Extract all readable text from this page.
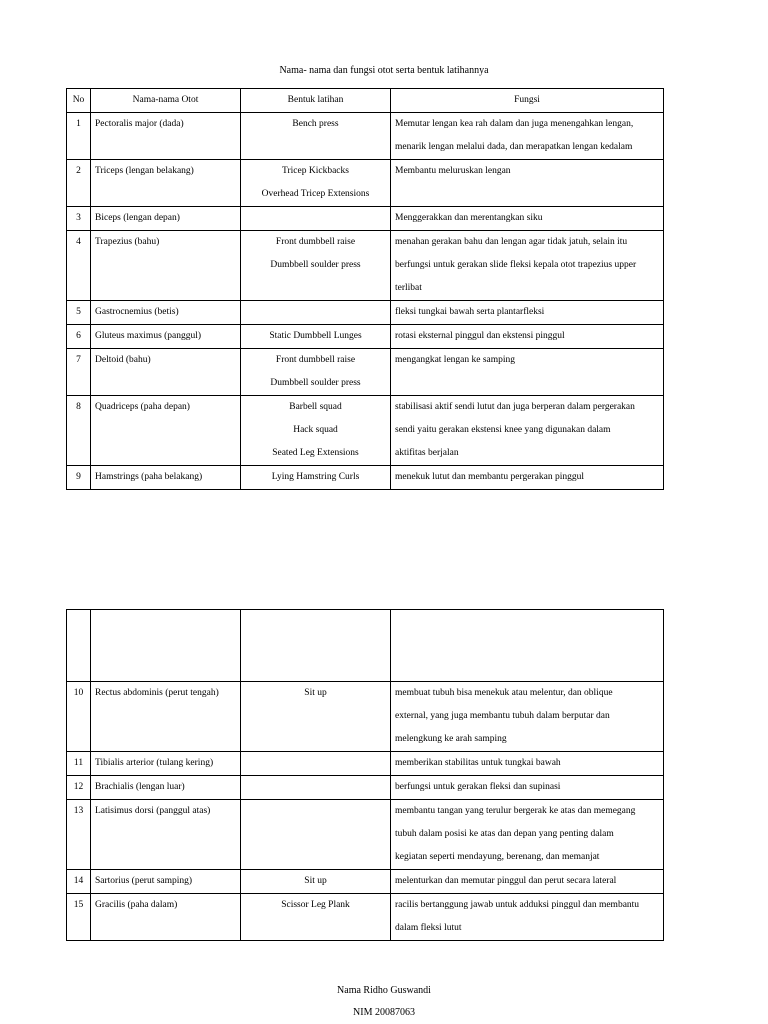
Nama- nama dan fungsi otot serta bentuk latihannya
No	Nama-nama Otot	Bentuk latihan	Fungsi
1	Pectoralis major (dada)	Bench press	Memutar lengan kea rah dalam dan juga menengahkan lengan,
menarik lengan melalui dada, dan merapatkan lengan kedalam

2	Triceps (lengan belakang)	Tricep Kickbacks
Overhead Tricep Extensions	Membantu meluruskan lengan

3	Biceps (lengan depan)		Menggerakkan dan merentangkan siku

4	Trapezius (bahu)	Front dumbbell raise
Dumbbell soulder press	menahan gerakan bahu dan lengan agar tidak jatuh, selain itu
berfungsi untuk gerakan slide fleksi kepala otot trapezius upper
terlibat

5	Gastrocnemius (betis)		fleksi tungkai bawah serta plantarfleksi

6	Gluteus maximus (panggul)	Static Dumbbell Lunges	rotasi eksternal pinggul dan ekstensi pinggul

7	Deltoid (bahu)	Front dumbbell raise
Dumbbell soulder press	mengangkat lengan ke samping

8	Quadriceps (paha depan)	Barbell squad
Hack squad
Seated Leg Extensions	stabilisasi aktif sendi lutut dan juga berperan dalam pergerakan
sendi yaitu gerakan ekstensi knee yang digunakan dalam
aktifitas berjalan

9	Hamstrings (paha belakang)	Lying Hamstring Curls	menekuk lutut dan membantu pergerakan pinggul

10	Rectus abdominis (perut tengah)	Sit up	membuat tubuh bisa menekuk atau melentur, dan oblique
external, yang juga membantu tubuh dalam berputar dan
melengkung ke arah samping

11	Tibialis arterior (tulang kering)		memberikan stabilitas untuk tungkai bawah

12	Brachialis (lengan luar)		berfungsi untuk gerakan fleksi dan supinasi

13	Latisimus dorsi (panggul atas)		membantu tangan yang terulur bergerak ke atas dan memegang
tubuh dalam posisi ke atas dan depan yang penting dalam
kegiatan seperti mendayung, berenang, dan memanjat

14	Sartorius (perut samping)	Sit up	melenturkan dan memutar pinggul dan perut secara lateral

15	Gracilis (paha dalam)	Scissor Leg Plank	racilis bertanggung jawab untuk adduksi pinggul dan membantu
dalam fleksi lutut
Nama Ridho Guswandi
NIM 20087063
